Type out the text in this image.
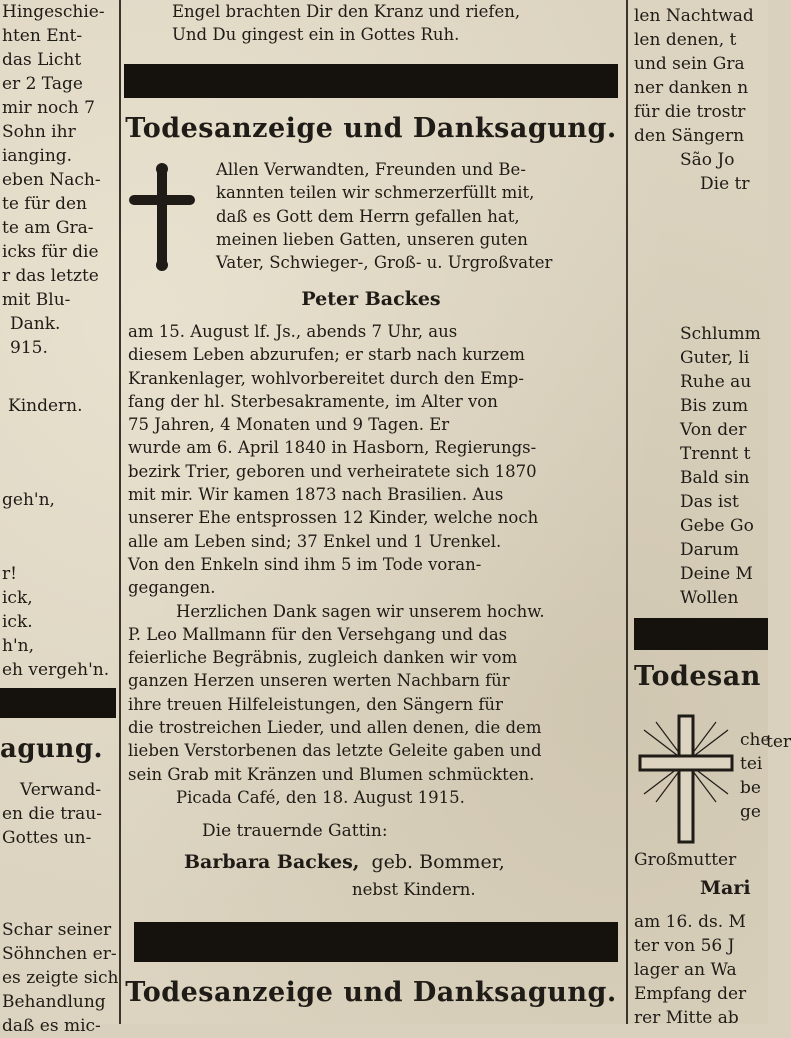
Hingeschie-
hten Ent-
das Licht
er 2 Tage
mir noch 7
Sohn ihr
ianging.
eben Nach-
te für den
te am Gra-
icks für die
r das letzte
mit Blu-
Dank.
915.
Kindern.
geh'n,
r!
ick,
ick.
h'n,
eh vergeh'n.
agung.
Verwand-
en die trau-
Gottes un-
Schar seiner
Söhnchen er-
es zeigte sich
Behandlung
daß es mic-
Engel brachten Dir den Kranz und riefen,
Und Du gingest ein in Gottes Ruh.
Todesanzeige und Danksagung.
Allen Verwandten, Freunden und Be-
kannten teilen wir schmerzerfüllt mit,
daß es Gott dem Herrn gefallen hat,
meinen lieben Gatten, unseren guten
Vater, Schwieger-, Groß- u. Urgroßvater
Peter Backes
am 15. August lf. Js., abends 7 Uhr, aus
diesem Leben abzurufen; er starb nach kurzem
Krankenlager, wohlvorbereitet durch den Emp-
fang der hl. Sterbesakramente, im Alter von
75 Jahren, 4 Monaten und 9 Tagen. Er
wurde am 6. April 1840 in Hasborn, Regierungs-
bezirk Trier, geboren und verheiratete sich 1870
mit mir. Wir kamen 1873 nach Brasilien. Aus
unserer Ehe entsprossen 12 Kinder, welche noch
alle am Leben sind; 37 Enkel und 1 Urenkel.
Von den Enkeln sind ihm 5 im Tode voran-
gegangen.
Herzlichen Dank sagen wir unserem hochw.
P. Leo Mallmann für den Versehgang und das
feierliche Begräbnis, zugleich danken wir vom
ganzen Herzen unseren werten Nachbarn für
ihre treuen Hilfeleistungen, den Sängern für
die trostreichen Lieder, und allen denen, die dem
lieben Verstorbenen das letzte Geleite gaben und
sein Grab mit Kränzen und Blumen schmückten.
Picada Café, den 18. August 1915.
Die trauernde Gattin:
Barbara Backes, geb. Bommer,
nebst Kindern.
Todesanzeige und Danksagung.
len Nachtwad
len denen, t
und sein Gra
ner danken n
für die trostr
den Sängern
São Jo
Die tr
Schlumm
Guter, li
Ruhe au
Bis zum
Von der
Trennt t
Bald sin
Das ist
Gebe Go
Darum
Deine M
Wollen
Todesan
ter
che
tei
be
ge
Großmutter
Mari
am 16. ds. M
ter von 56 J
lager an Wa
Empfang der
rer Mitte ab
